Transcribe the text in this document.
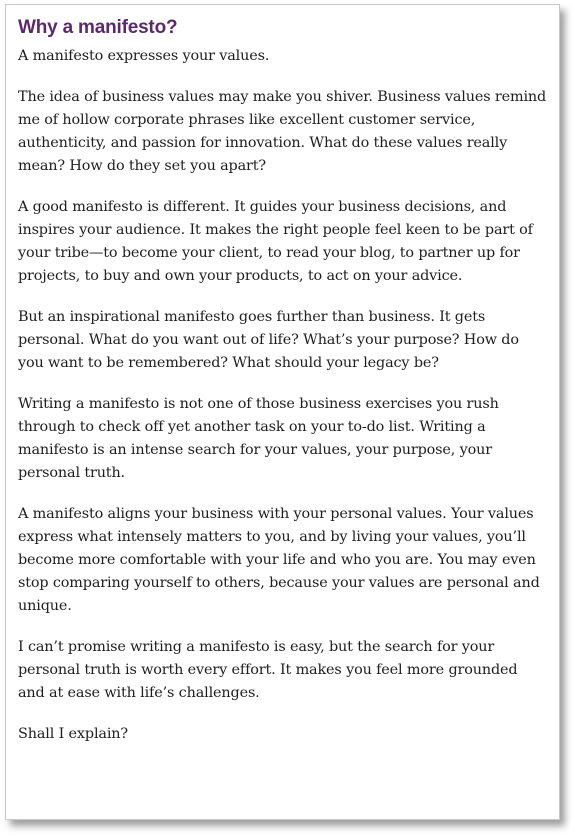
Why a manifesto?

A manifesto expresses your values.

The idea of business values may make you shiver. Business values remind me of hollow corporate phrases like excellent customer service, authenticity, and passion for innovation. What do these values really mean? How do they set you apart?

A good manifesto is different. It guides your business decisions, and inspires your audience. It makes the right people feel keen to be part of your tribe—to become your client, to read your blog, to partner up for projects, to buy and own your products, to act on your advice.

But an inspirational manifesto goes further than business. It gets personal. What do you want out of life? What’s your purpose? How do you want to be remembered? What should your legacy be?

Writing a manifesto is not one of those business exercises you rush through to check off yet another task on your to-do list. Writing a manifesto is an intense search for your values, your purpose, your personal truth.

A manifesto aligns your business with your personal values. Your values express what intensely matters to you, and by living your values, you’ll become more comfortable with your life and who you are. You may even stop comparing yourself to others, because your values are personal and unique.

I can’t promise writing a manifesto is easy, but the search for your personal truth is worth every effort. It makes you feel more grounded and at ease with life’s challenges.

Shall I explain?
